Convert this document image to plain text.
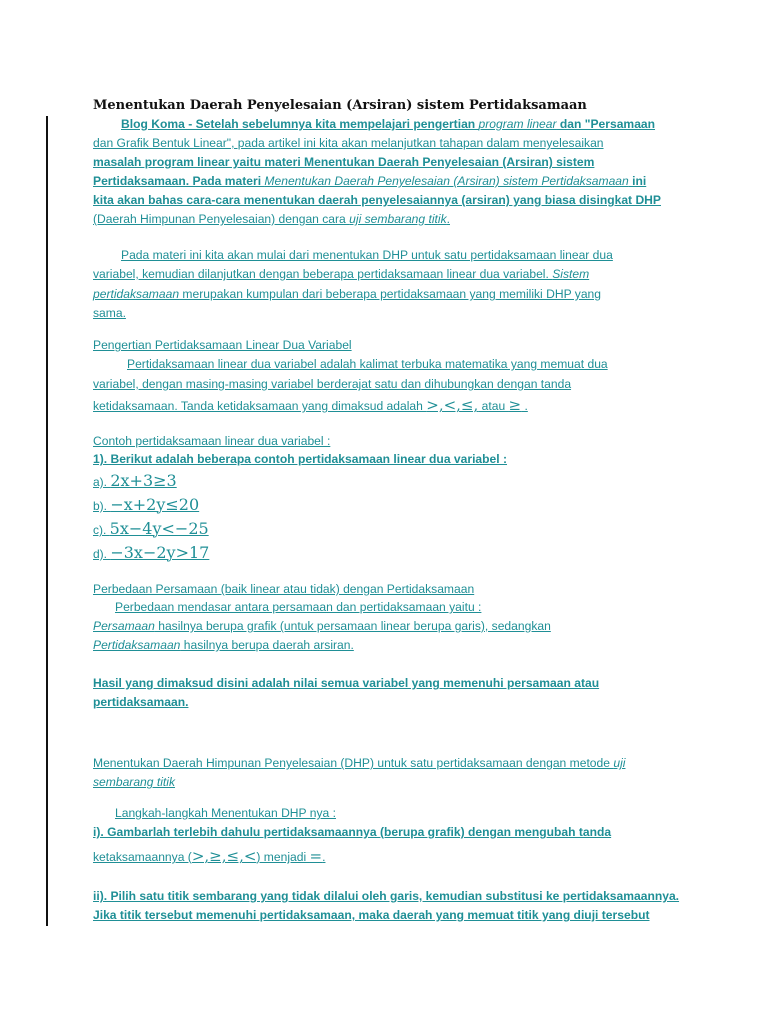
Menentukan Daerah Penyelesaian (Arsiran) sistem Pertidaksamaan
Blog Koma - Setelah sebelumnya kita mempelajari pengertian program linear dan "Persamaan
dan Grafik Bentuk Linear", pada artikel ini kita akan melanjutkan tahapan dalam menyelesaikan
masalah program linear yaitu materi Menentukan Daerah Penyelesaian (Arsiran) sistem
Pertidaksamaan. Pada materi Menentukan Daerah Penyelesaian (Arsiran) sistem Pertidaksamaan ini
kita akan bahas cara-cara menentukan daerah penyelesaiannya (arsiran) yang biasa disingkat DHP
(Daerah Himpunan Penyelesaian) dengan cara uji sembarang titik.
Pada materi ini kita akan mulai dari menentukan DHP untuk satu pertidaksamaan linear dua
variabel, kemudian dilanjutkan dengan beberapa pertidaksamaan linear dua variabel. Sistem
pertidaksamaan merupakan kumpulan dari beberapa pertidaksamaan yang memiliki DHP yang
sama.
Pengertian Pertidaksamaan Linear Dua Variabel
Pertidaksamaan linear dua variabel adalah kalimat terbuka matematika yang memuat dua
variabel, dengan masing-masing variabel berderajat satu dan dihubungkan dengan tanda
ketidaksamaan. Tanda ketidaksamaan yang dimaksud adalah >,<,≤, atau ≥ .
Contoh pertidaksamaan linear dua variabel :
1). Berikut adalah beberapa contoh pertidaksamaan linear dua variabel :
a). 2x+3≥3
b). −x+2y≤20
c). 5x−4y<−25
d). −3x−2y>17
Perbedaan Persamaan (baik linear atau tidak) dengan Pertidaksamaan
Perbedaan mendasar antara persamaan dan pertidaksamaan yaitu :
Persamaan hasilnya berupa grafik (untuk persamaan linear berupa garis), sedangkan
Pertidaksamaan hasilnya berupa daerah arsiran.
Hasil yang dimaksud disini adalah nilai semua variabel yang memenuhi persamaan atau
pertidaksamaan.
Menentukan Daerah Himpunan Penyelesaian (DHP) untuk satu pertidaksamaan dengan metode uji
sembarang titik
Langkah-langkah Menentukan DHP nya :
i). Gambarlah terlebih dahulu pertidaksamaannya (berupa grafik) dengan mengubah tanda
ketaksamaannya (>,≥,≤,<) menjadi =.
ii). Pilih satu titik sembarang yang tidak dilalui oleh garis, kemudian substitusi ke pertidaksamaannya.
Jika titik tersebut memenuhi pertidaksamaan, maka daerah yang memuat titik yang diuji tersebut
